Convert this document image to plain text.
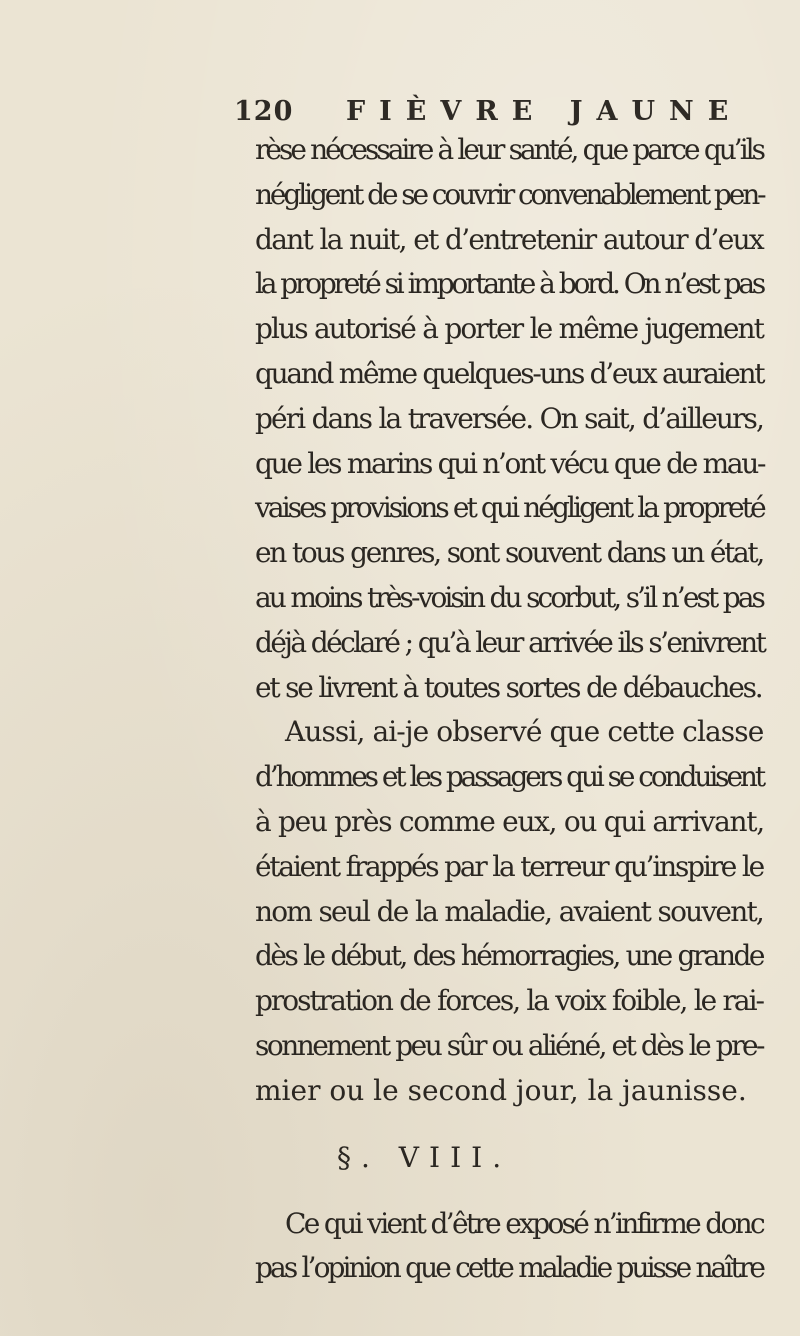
120 FIÈVRE JAUNE
rèse nécessaire à leur santé, que parce qu’ils
négligent de se couvrir convenablement pen-
dant la nuit, et d’entretenir autour d’eux
la propreté si importante à bord. On n’est pas
plus autorisé à porter le même jugement
quand même quelques-uns d’eux auraient
péri dans la traversée. On sait, d’ailleurs,
que les marins qui n’ont vécu que de mau-
vaises provisions et qui négligent la propreté
en tous genres, sont souvent dans un état,
au moins très-voisin du scorbut, s’il n’est pas
déjà déclaré ; qu’à leur arrivée ils s’enivrent
et se livrent à toutes sortes de débauches.
Aussi, ai-je observé que cette classe
d’hommes et les passagers qui se conduisent
à peu près comme eux, ou qui arrivant,
étaient frappés par la terreur qu’inspire le
nom seul de la maladie, avaient souvent,
dès le début, des hémorragies, une grande
prostration de forces, la voix foible, le rai-
sonnement peu sûr ou aliéné, et dès le pre-
mier ou le second jour, la jaunisse.
§. VIII.
Ce qui vient d’être exposé n’infirme donc
pas l’opinion que cette maladie puisse naître
